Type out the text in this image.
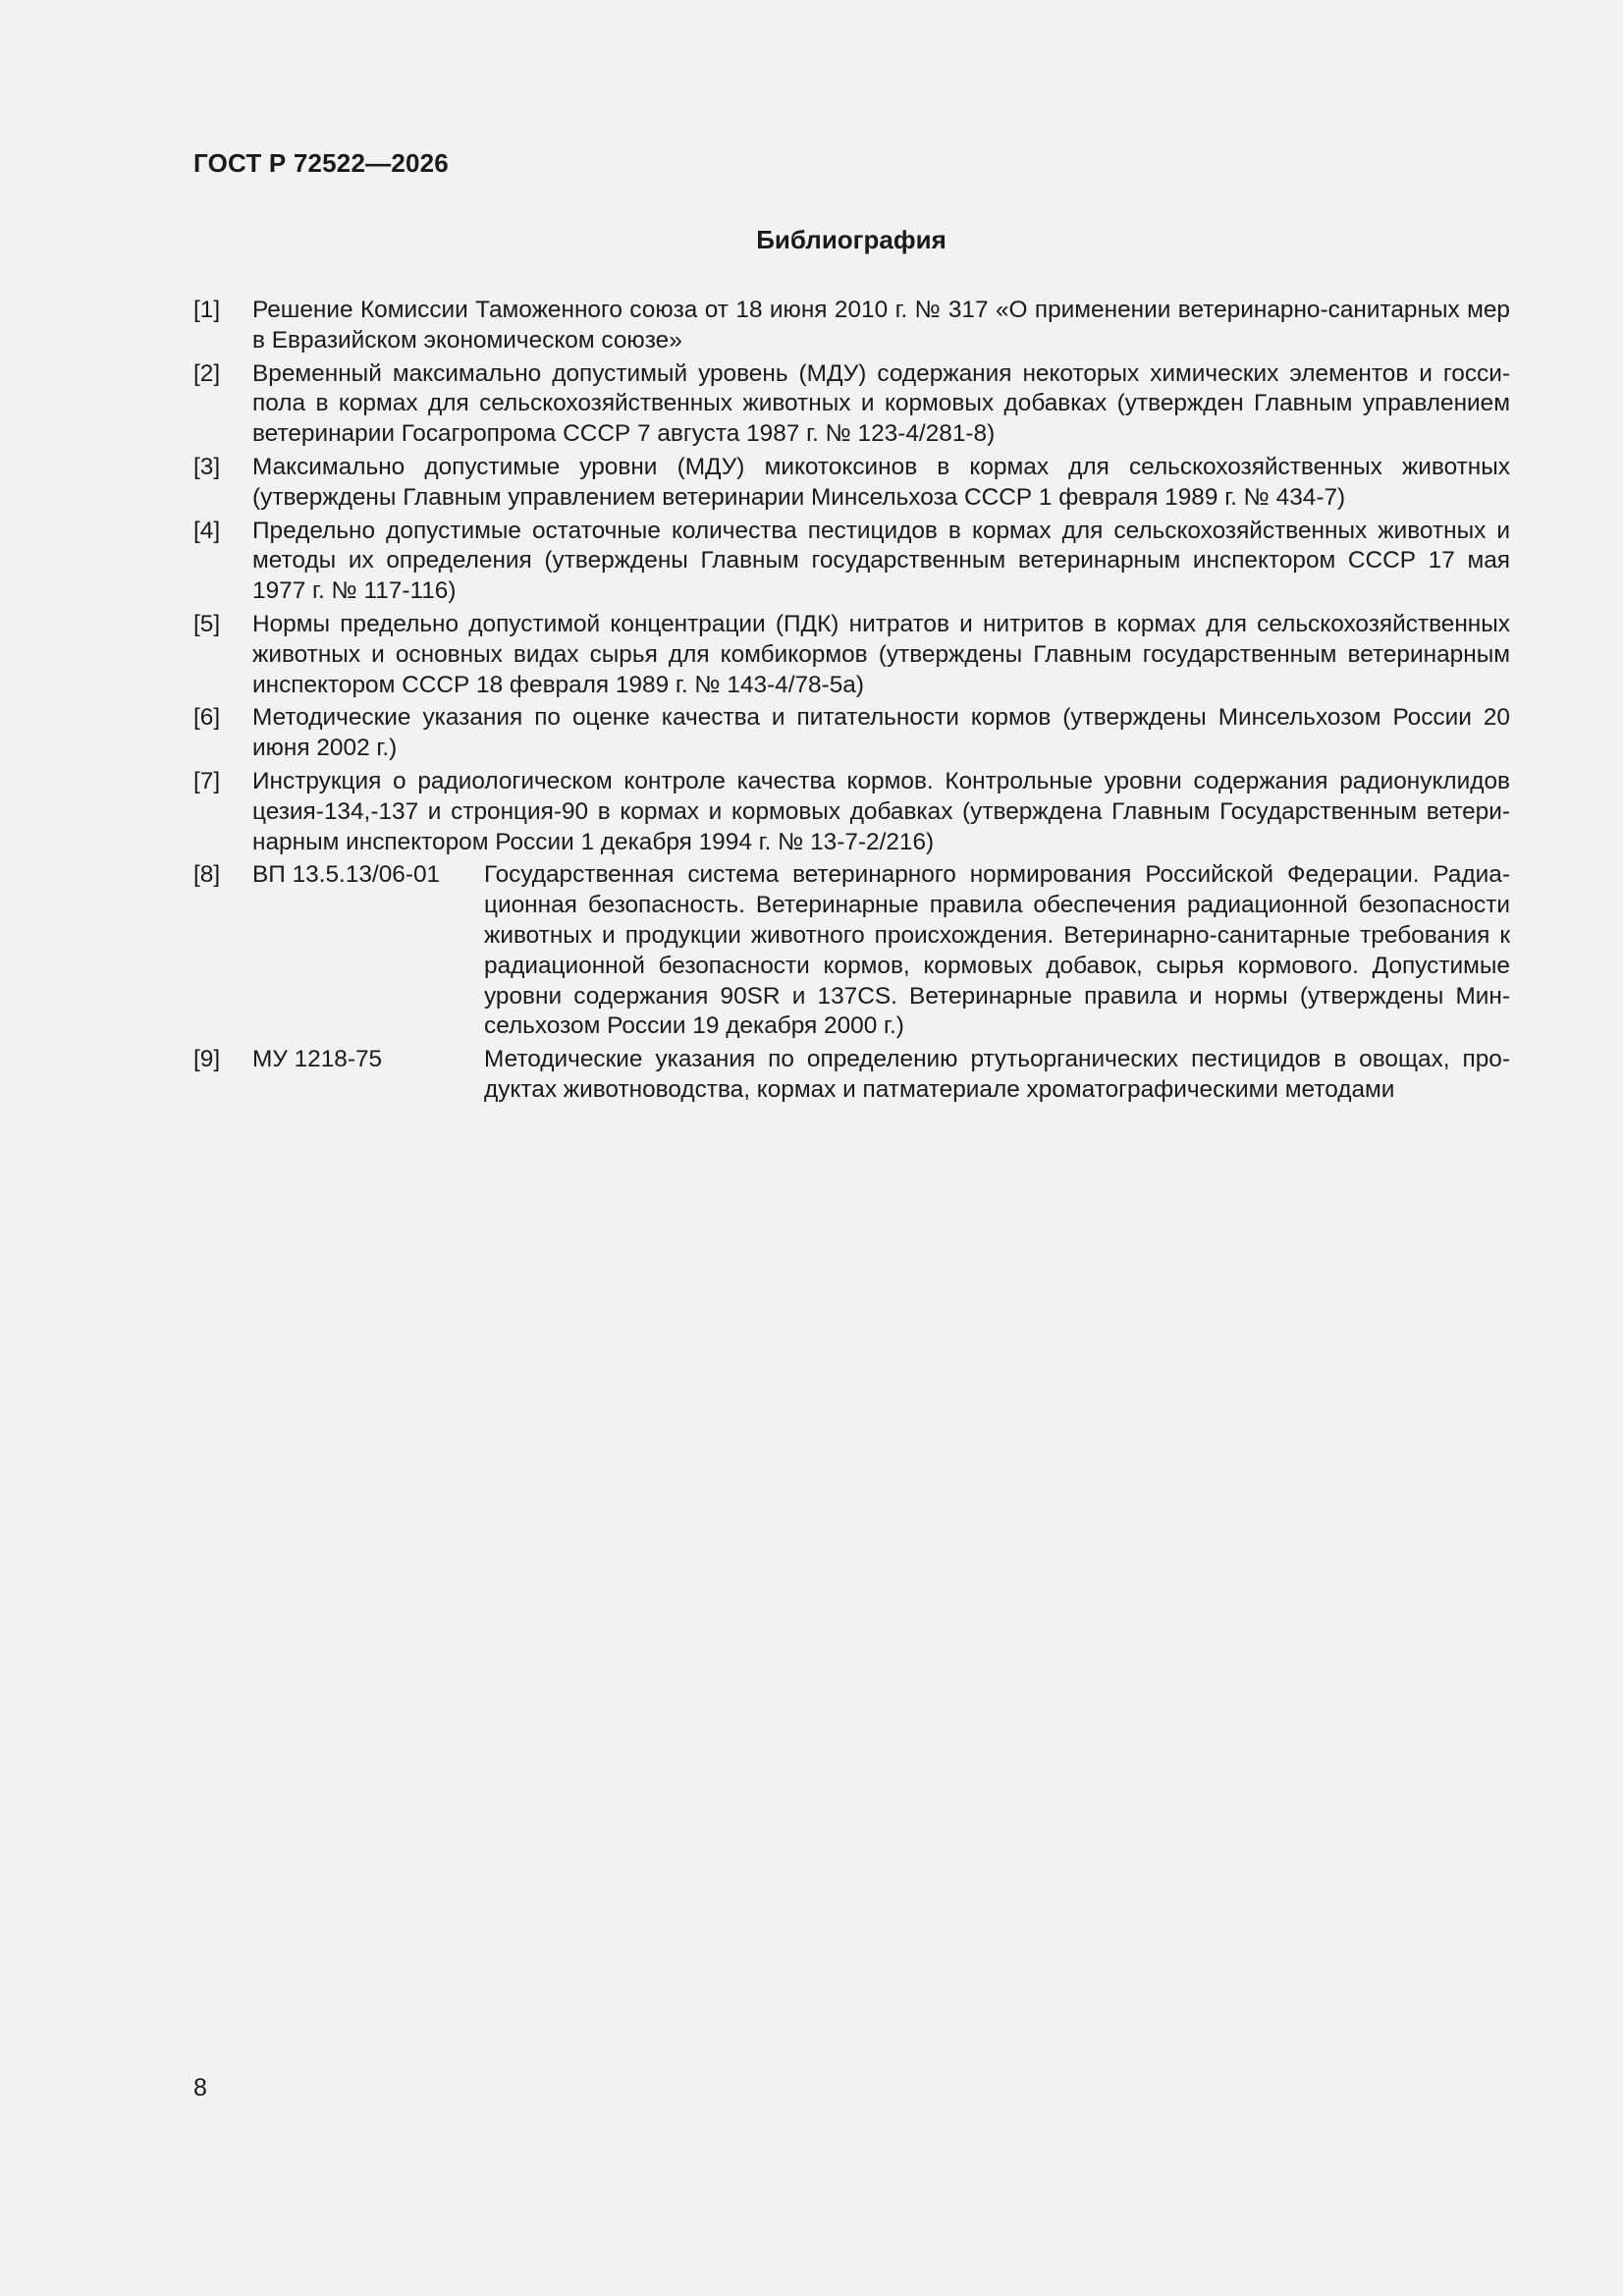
ГОСТ Р 72522—2026
Библиография
[1] Решение Комиссии Таможенного союза от 18 июня 2010 г. № 317 «О применении ветеринарно-санитарных мер в Евразийском экономическом союзе»
[2] Временный максимально допустимый уровень (МДУ) содержания некоторых химических элементов и госсипола в кормах для сельскохозяйственных животных и кормовых добавках (утвержден Главным управлением ветеринарии Госагропрома СССР 7 августа 1987 г. № 123-4/281-8)
[3] Максимально допустимые уровни (МДУ) микотоксинов в кормах для сельскохозяйственных животных (утверждены Главным управлением ветеринарии Минсельхоза СССР 1 февраля 1989 г. № 434-7)
[4] Предельно допустимые остаточные количества пестицидов в кормах для сельскохозяйственных животных и методы их определения (утверждены Главным государственным ветеринарным инспектором СССР 17 мая 1977 г. № 117-116)
[5] Нормы предельно допустимой концентрации (ПДК) нитратов и нитритов в кормах для сельскохозяйственных животных и основных видах сырья для комбикормов (утверждены Главным государственным ветеринарным инспектором СССР 18 февраля 1989 г. № 143-4/78-5а)
[6] Методические указания по оценке качества и питательности кормов (утверждены Минсельхозом России 20 июня 2002 г.)
[7] Инструкция о радиологическом контроле качества кормов. Контрольные уровни содержания радионуклидов цезия-134,-137 и стронция-90 в кормах и кормовых добавках (утверждена Главным Государственным ветеринарным инспектором России 1 декабря 1994 г. № 13-7-2/216)
[8] ВП 13.5.13/06-01 Государственная система ветеринарного нормирования Российской Федерации. Радиационная безопасность. Ветеринарные правила обеспечения радиационной безопасности животных и продукции животного происхождения. Ветеринарно-санитарные требования к радиационной безопасности кормов, кормовых добавок, сырья кормового. Допустимые уровни содержания 90SR и 137CS. Ветеринарные правила и нормы (утверждены Минсельхозом России 19 декабря 2000 г.)
[9] МУ 1218-75	Методические указания по определению ртутьорганических пестицидов в овощах, продуктах животноводства, кормах и патматериале хроматографическими методами
8
